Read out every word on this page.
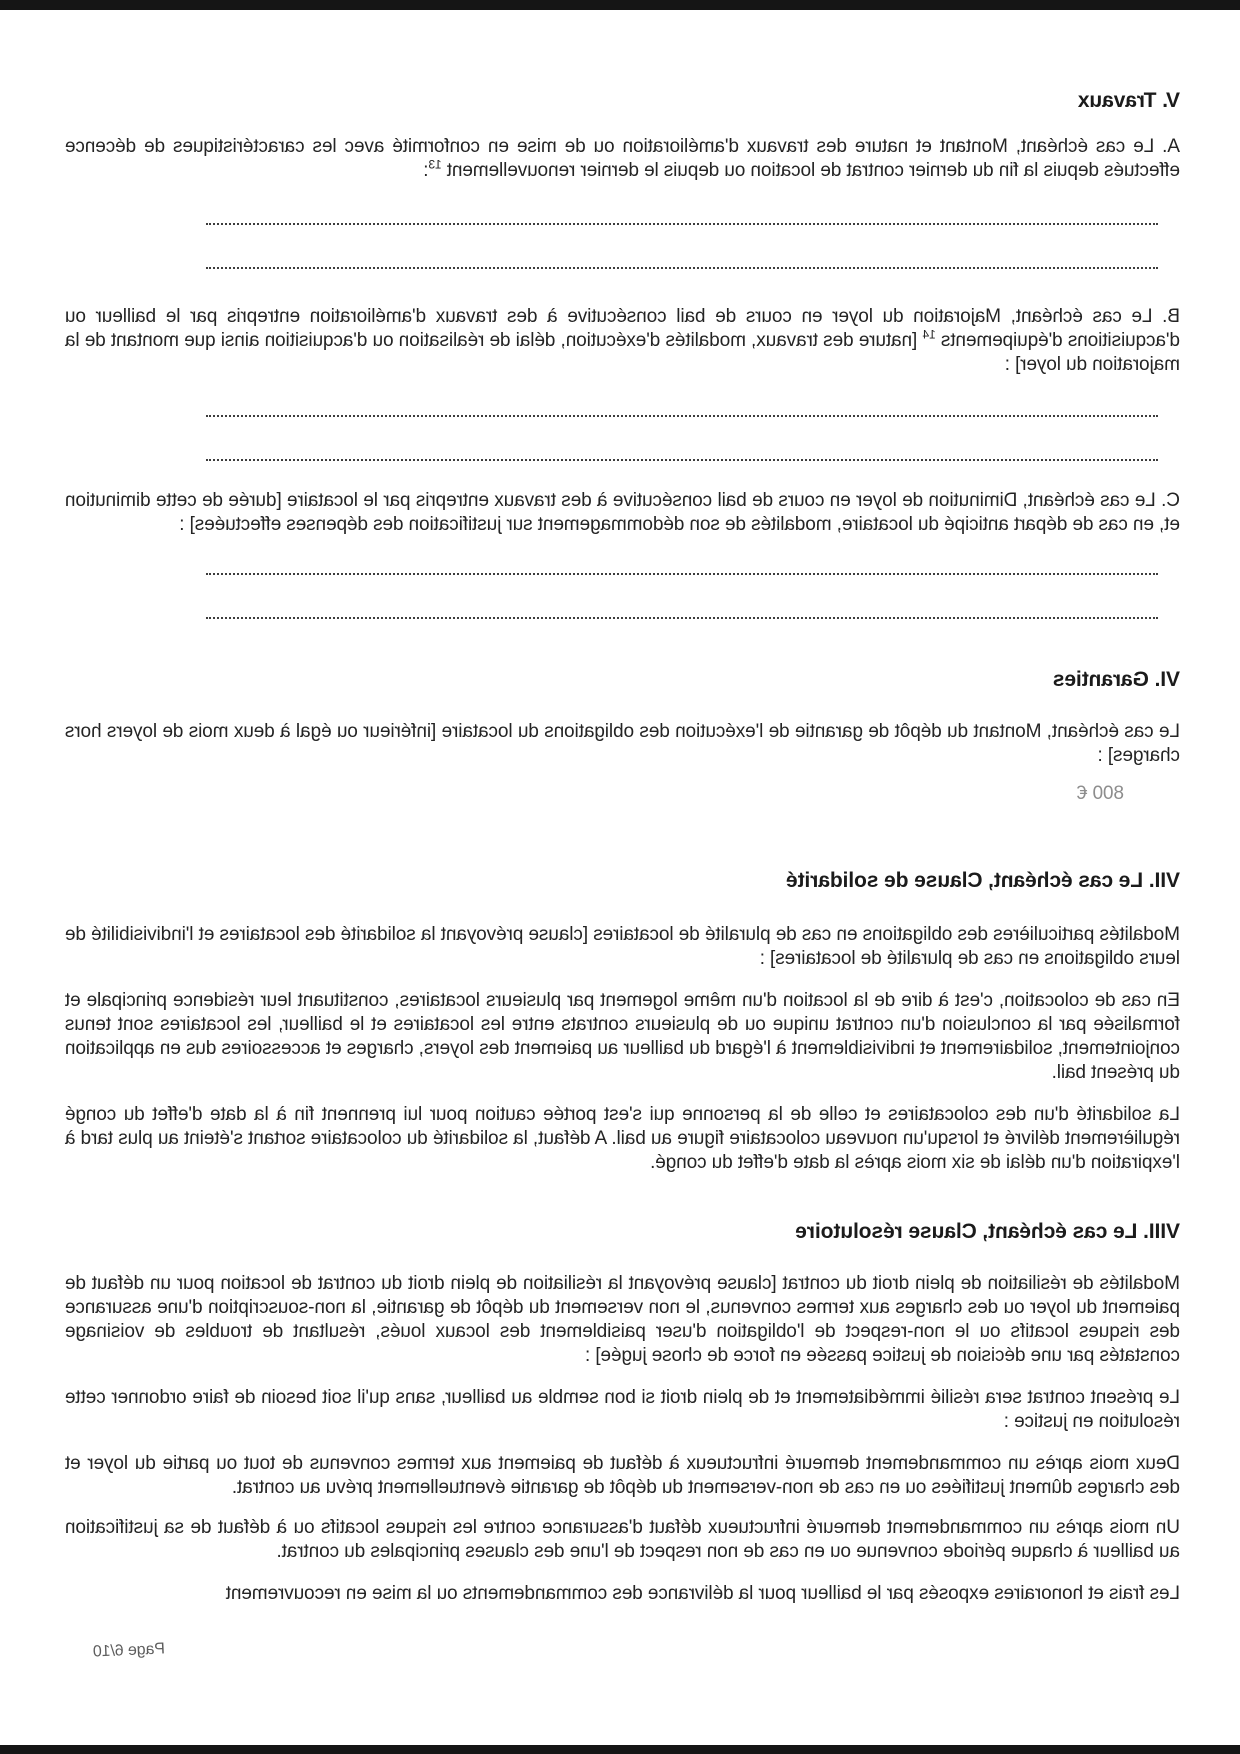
V. Travaux

A. Le cas échéant, Montant et nature des travaux d'amélioration ou de mise en conformité avec les caractéristiques de décence effectués depuis la fin du dernier contrat de location ou depuis le dernier renouvellement $^{13}$:

B. Le cas échéant, Majoration du loyer en cours de bail consécutive à des travaux d'amélioration entrepris par le bailleur ou d'acquisitions d'équipements $^{14}$ [nature des travaux, modalités d'exécution, délai de réalisation ou d'acquisition ainsi que montant de la majoration du loyer] :

C. Le cas échéant, Diminution de loyer en cours de bail consécutive à des travaux entrepris par le locataire [durée de cette diminution et, en cas de départ anticipé du locataire, modalités de son dédommagement sur justification des dépenses effectuées] :

VI. Garanties

Le cas échéant, Montant du dépôt de garantie de l'exécution des obligations du locataire [inférieur ou égal à deux mois de loyers hors charges] :

800 €
VII. Le cas échéant, Clause de solidarité

Modalités particulières des obligations en cas de pluralité de locataires [clause prévoyant la solidarité des locataires et l'indivisibilité de leurs obligations en cas de pluralité de locataires] :

En cas de colocation, c'est à dire de la location d'un même logement par plusieurs locataires, constituant leur résidence principale et formalisée par la conclusion d'un contrat unique ou de plusieurs contrats entre les locataires et le bailleur, les locataires sont tenus conjointement, solidairement et indivisiblement à l'égard du bailleur au paiement des loyers, charges et accessoires dus en application du présent bail.

La solidarité d'un des colocataires et celle de la personne qui s'est portée caution pour lui prennent fin à la date d'effet du congé régulièrement délivré et lorsqu'un nouveau colocataire figure au bail. A défaut, la solidarité du colocataire sortant s'éteint au plus tard à l'expiration d'un délai de six mois après la date d'effet du congé.

VIII. Le cas échéant, Clause résolutoire

Modalités de résiliation de plein droit du contrat [clause prévoyant la résiliation de plein droit du contrat de location pour un défaut de paiement du loyer ou des charges aux termes convenus, le non versement du dépôt de garantie, la non-souscription d'une assurance des risques locatifs ou le non-respect de l'obligation d'user paisiblement des locaux loués, résultant de troubles de voisinage constatés par une décision de justice passée en force de chose jugée] :

Le présent contrat sera résilié immédiatement et de plein droit si bon semble au bailleur, sans qu'il soit besoin de faire ordonner cette résolution en justice :

Deux mois après un commandement demeuré infructueux à défaut de paiement aux termes convenus de tout ou partie du loyer et des charges dûment justifiées ou en cas de non-versement du dépôt de garantie éventuellement prévu au contrat.

Un mois après un commandement demeuré infructueux défaut d'assurance contre les risques locatifs ou à défaut de sa justification au bailleur à chaque période convenue ou en cas de non respect de l'une des clauses principales du contrat.

Les frais et honoraires exposés par le bailleur pour la délivrance des commandements ou la mise en recouvrement

Page 6/10
